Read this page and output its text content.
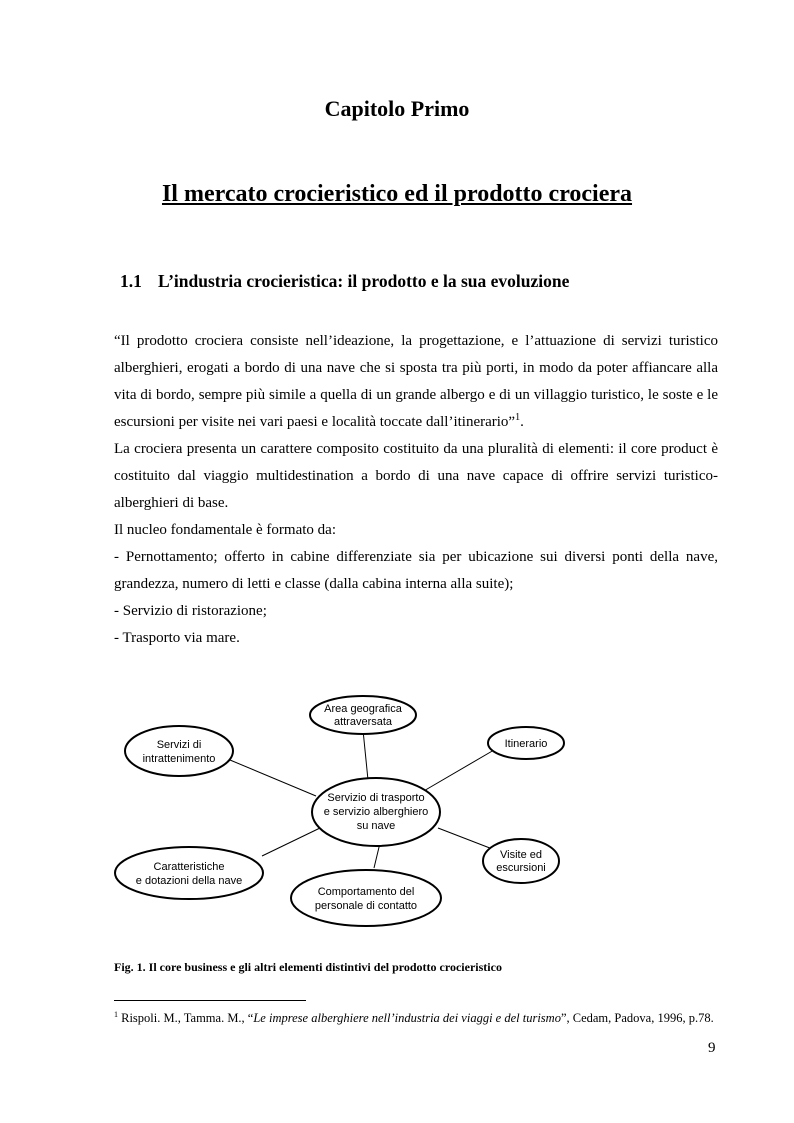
Capitolo Primo
Il mercato crocieristico ed il prodotto crociera
1.1 L’industria crocieristica: il prodotto e la sua evoluzione

“Il prodotto crociera consiste nell’ideazione, la progettazione, e l’attuazione di servizi turistico alberghieri, erogati a bordo di una nave che si sposta tra più porti, in modo da poter affiancare alla vita di bordo, sempre più simile a quella di un grande albergo e di un villaggio turistico, le soste e le escursioni per visite nei vari paesi e località toccate dall’itinerario”$^1$.

La crociera presenta un carattere composito costituito da una pluralità di elementi: il core product è costituito dal viaggio multidestination a bordo di una nave capace di offrire servizi turistico-alberghieri di base.

Il nucleo fondamentale è formato da:

- Pernottamento; offerto in cabine differenziate sia per ubicazione sui diversi ponti della nave, grandezza, numero di letti e classe (dalla cabina interna alla suite);

- Servizio di ristorazione;

- Trasporto via mare.

Servizio di trasporto
e servizio alberghiero
su nave
Area geografica
attraversata
Itinerario
Visite ed
escursioni
Comportamento del
personale di contatto
Caratteristiche
e dotazioni della nave
Servizi di
intrattenimento
Fig. 1. Il core business e gli altri elementi distintivi del prodotto crocieristico
$^1$ Rispoli. M., Tamma. M., “Le imprese alberghiere nell’industria dei viaggi e del turismo”, Cedam, Padova, 1996, p.78.
9
